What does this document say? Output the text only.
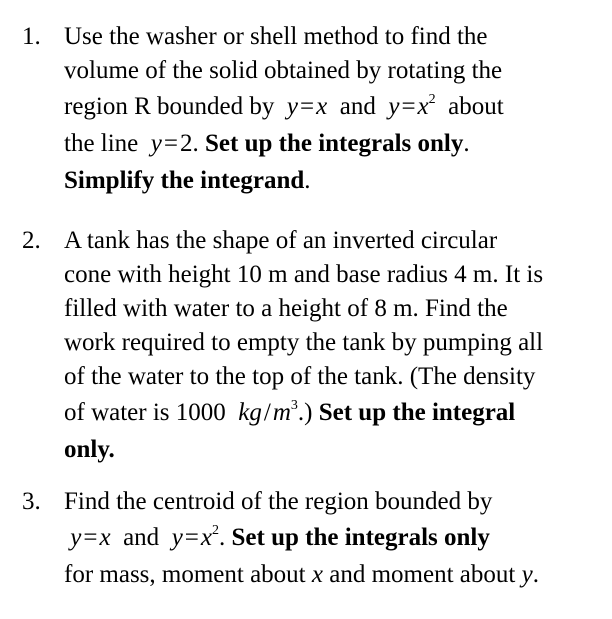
1. Use the washer or shell method to find the
volume of the solid obtained by rotating the
region R bounded by y=x and $y=x^2$ about
the line y=2. Set up the integrals only.
Simplify the integrand.
2. A tank has the shape of an inverted circular
cone with height 10 m and base radius 4 m. It is
filled with water to a height of 8 m. Find the
work required to empty the tank by pumping all
of the water to the top of the tank. (The density
of water is 1000 $kg/m^3$.) Set up the integral
only.
3. Find the centroid of the region bounded by
y=x and $y=x^2$. Set up the integrals only
for mass, moment about x and moment about y.
